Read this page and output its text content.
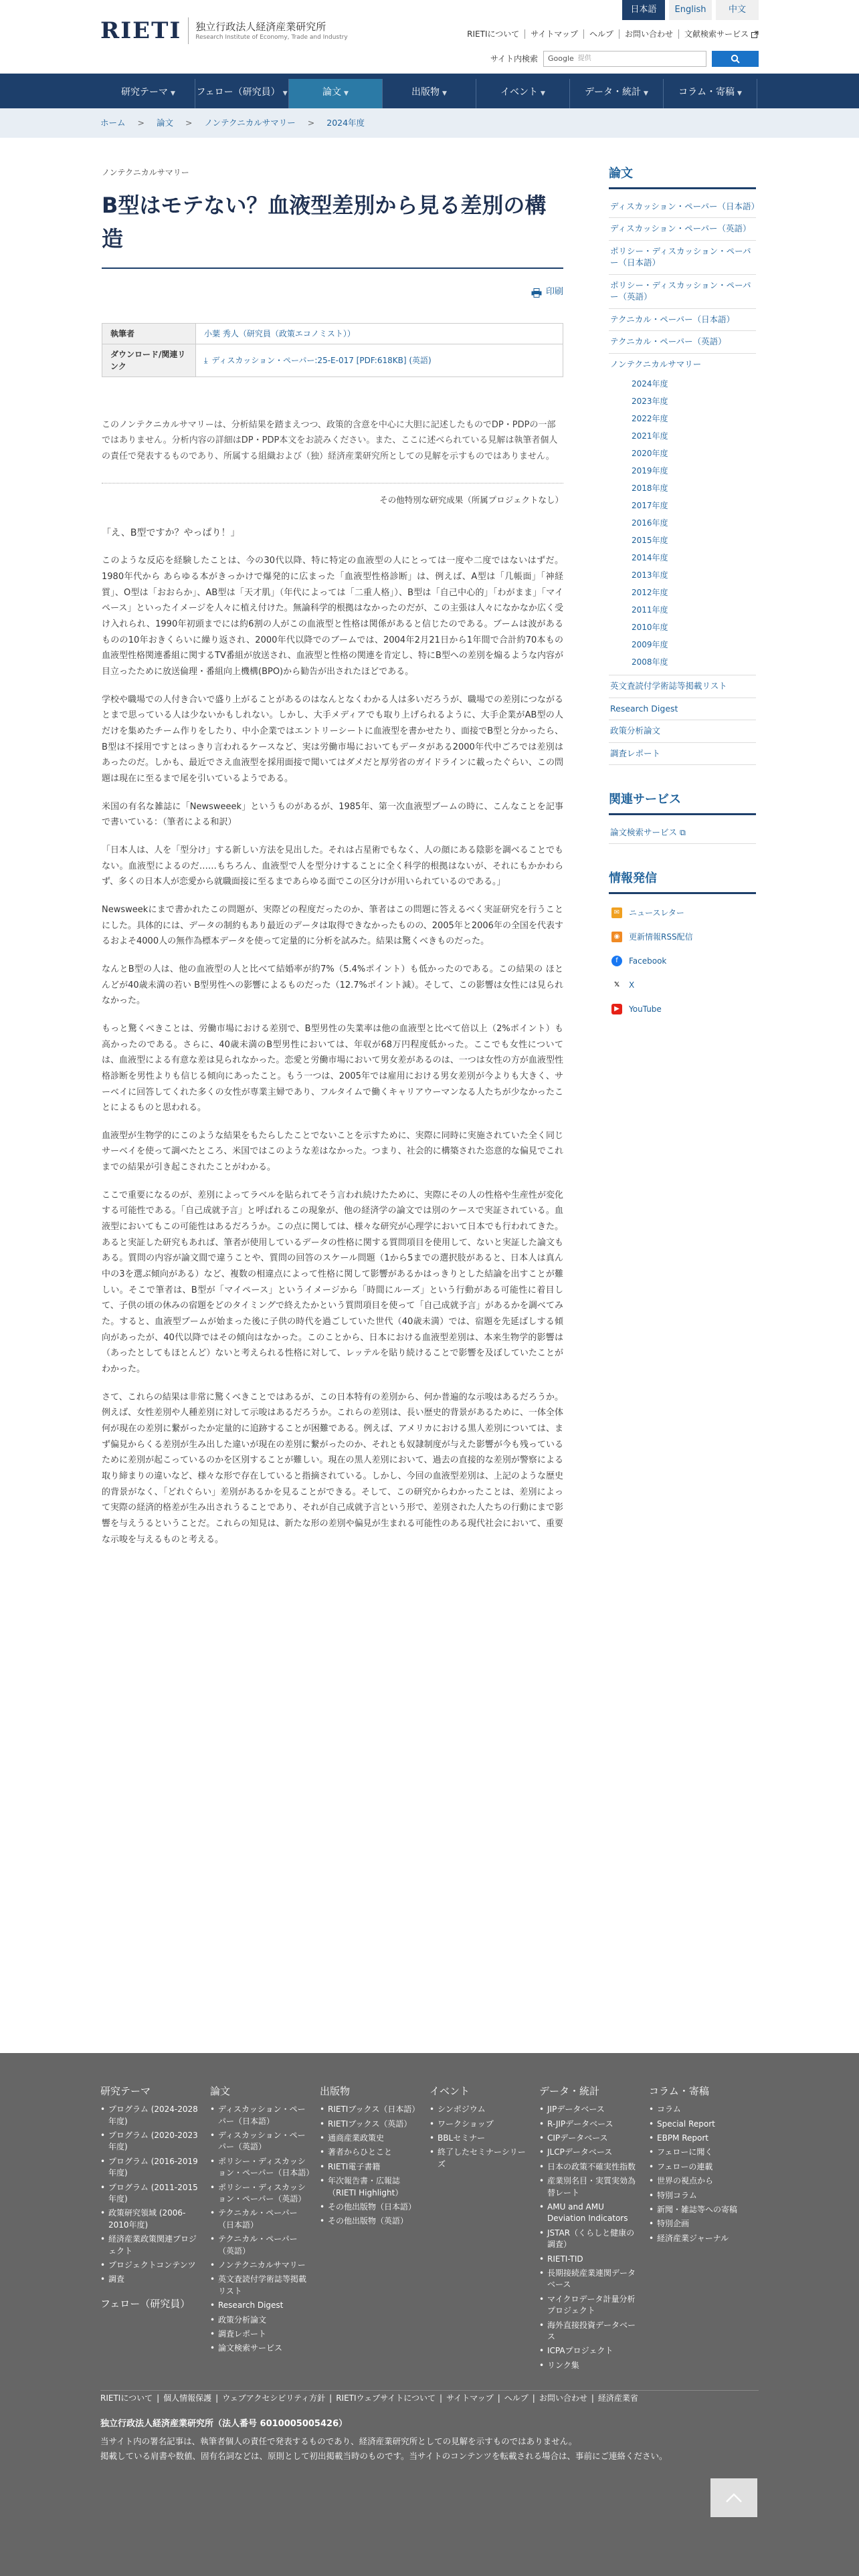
RIETI 独立行政法人経済産業研究所
Research Institute of Economy, Trade and Industry
日本語	English	中文
RIETIについて サイトマップ ヘルプ お問い合わせ 文献検索サービス
サイト内検索 Google 提供
研究テーマ ▼	フェロー（研究員） ▼	論文 ▼	出版物 ▼	イベント ▼	データ・統計 ▼	コラム・寄稿 ▼
ホーム > 論文 > ノンテクニカルサマリー > 2024年度
ノンテクニカルサマリー
B型はモテない？血液型差別から見る差別の構造
印刷
執筆者	小葉 秀人（研究員（政策エコノミスト））
ダウンロード/関連リンク	⤓ ディスカッション・ペーパー:25-E-017 [PDF:618KB] (英語)

このノンテクニカルサマリーは、分析結果を踏まえつつ、政策的含意を中心に大胆に記述したものでDP・PDPの一部ではありません。分析内容の詳細はDP・PDP本文をお読みください。また、ここに述べられている見解は執筆者個人の責任で発表するものであり、所属する組織および（独）経済産業研究所としての見解を示すものではありません。

その他特別な研究成果（所属プロジェクトなし）
「え、B型ですか？やっぱり！」

このような反応を経験したことは、今の30代以降、特に特定の血液型の人にとっては一度や二度ではないはずだ。1980年代から あらゆる本がきっかけで爆発的に広まった「血液型性格診断」は、例えば、A型は「几帳面」「神経質」、O型は「おおらか」、AB型は「天才肌」（年代によっては「二重人格」）、B型は「自己中心的」「わがまま」「マイペース」といったイメージを人々に植え付けた。無論科学的根拠はなかったのだが、この主張は人々になかなか広く受け入れられ、1990年初頭までには約6割の人がこの血液型と性格は関係があると信じたのである。ブームは波があるものの10年おきくらいに繰り返され、2000年代以降でのブームでは、2004年2月21日から1年間で合計約70本もの血液型性格関連番組に関するTV番組が放送され、血液型と性格の関連を肯定し、特にB型への差別を煽るような内容が目立ったために放送倫理・番組向上機構(BPO)から勧告が出されたほどである。

学校や職場での人付き合いで盛り上がることがあるのはなんとなくわかる人は多いだろうが、職場での差別につながるとまで思っている人は少ないかもしれない。しかし、大手メディアでも取り上げられるように、大手企業がAB型の人だけを集めたチーム作りをしたり、中小企業ではエントリーシートに血液型を書かせたり、面接でB型と分かったら、B型は不採用ですとはっきり言われるケースなど、実は労働市場においてもデータがある2000年代中ごろでは差別はあったのだ。しかも、最近でさえ血液型を採用面接で聞いてはダメだと厚労省のガイドラインに載ったぐらい、この問題は現在に至るまで尾を引いているようである。

米国の有名な雑誌に「Newsweeek」というものがあるが、1985年、第一次血液型ブームの時に、こんなことを記事で書いている：（筆者による和訳）

「日本人は、人を「型分け」する新しい方法を見出した。それは占星術でもなく、人の顔にある陰影を調べることでもない。血液型によるのだ……もちろん、血液型で人を型分けすることに全く科学的根拠はないが、それにもかかわらず、多くの日本人が恋愛から就職面接に至るまであらゆる面でこの区分けが用いられているのである。」

Newsweekにまで書かれたこの問題が、実際どの程度だったのか、筆者はこの問題に答えるべく実証研究を行うことにした。具体的には、データの制約もあり最近のデータは取得できなかったものの、2005年と2006年の全国を代表するおよそ4000人の無作為標本データを使って定量的に分析を試みた。結果は驚くべきものだった。

なんとB型の人は、他の血液型の人と比べて結婚率が約7%（5.4%ポイント）も低かったのである。この結果の ほとんどが40歳未満の若い B型男性への影響によるものだった（12.7%ポイント減）。そして、この影響は女性には見られなかった。

もっと驚くべきことは、労働市場における差別で、B型男性の失業率は他の血液型と比べて倍以上（2%ポイント）も高かったのである。さらに、40歳未満のB型男性においては、年収が68万円程度低かった。ここでも女性については、血液型による有意な差は見られなかった。恋愛と労働市場において男女差があるのは、一つは女性の方が血液型性格診断を男性よりも信じる傾向にあったこと。もう一つは、2005年では雇用における男女差別が今よりも大きく、サーベイに回答してくれた多くの女性が専業主婦であり、フルタイムで働くキャリアウーマンなる人たちが少なかったことによるものと思われる。

血液型が生物学的にこのような結果をもたらしたことでないことを示すために、実際に同時に実施されていた全く同じサーベイを使って調べたところ、米国ではこのような差はなかった。つまり、社会的に構築された恣意的な偏見でこれまでの結果が引き起こされたことがわかる。

ここで重要になるのが、差別によってラベルを貼られてそう言われ続けたために、実際にその人の性格や生産性が変化する可能性である。「自己成就予言」と呼ばれるこの現象が、他の経済学の論文では別のケースで実証されている。血液型においてもこの可能性はあるだろうか。この点に関しては、様々な研究が心理学において日本でも行われてきた。あると実証した研究もあれば、筆者が使用しているデータの性格に関する質問項目を使用して、ないと実証した論文もある。質問の内容が論文間で違うことや、質問の回答のスケール問題（1から5までの選択肢があると、日本人は真ん中の3を選ぶ傾向がある）など、複数の相違点によって性格に関して影響があるかはっきりとした結論を出すことが難しい。そこで筆者は、B型が「マイペース」というイメージから「時間にルーズ」という行動がある可能性に着目して、子供の頃の休みの宿題をどのタイミングで終えたかという質問項目を使って「自己成就予言」があるかを調べてみた。すると、血液型ブームが始まった後に子供の時代を過ごしていた世代（40歳未満）では、宿題を先延ばしする傾向があったが、40代以降ではその傾向はなかった。このことから、日本における血液型差別は、本来生物学的影響は（あったとしてもほとんど）ないと考えられる性格に対して、レッテルを貼り続けることで影響を及ぼしていたことがわかった。

さて、これらの結果は非常に驚くべきことではあるが、この日本特有の差別から、何か普遍的な示唆はあるだろうか。例えば、女性差別や人種差別に対して示唆はあるだろうか。これらの差別は、長い歴史的背景があるために、一体全体何が現在の差別に繋がったか定量的に追跡することが困難である。例えば、アメリカにおける黒人差別については、まず偏見からくる差別が生み出した違いが現在の差別に繋がったのか、それとも奴隷制度が与えた影響が今も残っているために差別が起こっているのかを区別することが難しい。現在の黒人差別において、過去の直接的な差別が警察による取り締まりの違いなど、様々な形で存在していると指摘されている。しかし、今回の血液型差別は、上記のような歴史的背景がなく、「どれぐらい」差別があるかを見ることができる。そして、この研究からわかったことは、差別によって実際の経済的格差が生み出されうることであり、それが自己成就予言という形で、差別された人たちの行動にまで影響を与えうるということだ。これらの知見は、新たな形の差別や偏見が生まれる可能性のある現代社会において、重要な示唆を与えるものと考える。

論文
ディスカッション・ペーパー（日本語）
ディスカッション・ペーパー（英語）
ポリシー・ディスカッション・ペーパー（日本語）
ポリシー・ディスカッション・ペーパー（英語）
テクニカル・ペーパー（日本語）
テクニカル・ペーパー（英語）
ノンテクニカルサマリー
2024年度
2023年度
2022年度
2021年度
2020年度
2019年度
2018年度
2017年度
2016年度
2015年度
2014年度
2013年度
2012年度
2011年度
2010年度
2009年度
2008年度
英文査読付学術誌等掲載リスト
Research Digest
政策分析論文
調査レポート
関連サービス
論文検索サービス ⧉
情報発信
✉	ニュースレター
◉	更新情報RSS配信
f	Facebook
𝕏	X
▶	YouTube
研究テーマ
• プログラム (2024-2028年度)
• プログラム (2020-2023年度)
• プログラム (2016-2019年度)
• プログラム (2011-2015年度)
• 政策研究領域 (2006-2010年度)
• 経済産業政策関連プロジェクト
• プロジェクトコンテンツ
• 調査
フェロー（研究員）
論文
• ディスカッション・ペーパー（日本語）
• ディスカッション・ペーパー（英語）
• ポリシー・ディスカッション・ペーパー（日本語）
• ポリシー・ディスカッション・ペーパー（英語）
• テクニカル・ペーパー（日本語）
• テクニカル・ペーパー（英語）
• ノンテクニカルサマリー
• 英文査読付学術誌等掲載リスト
• Research Digest
• 政策分析論文
• 調査レポート
• 論文検索サービス
出版物
• RIETIブックス（日本語）
• RIETIブックス（英語）
• 通商産業政策史
• 著者からひとこと
• RIETI電子書籍
• 年次報告書・広報誌（RIETI Highlight）
• その他出版物（日本語）
• その他出版物（英語）
イベント
• シンポジウム
• ワークショップ
• BBLセミナー
• 終了したセミナーシリーズ
データ・統計
• JIPデータベース
• R-JIPデータベース
• CIPデータベース
• JLCPデータベース
• 日本の政策不確実性指数
• 産業別名目・実質実効為替レート
• AMU and AMU Deviation Indicators
• JSTAR（くらしと健康の調査）
• RIETI-TID
• 長期接続産業連関データベース
• マイクロデータ計量分析プロジェクト
• 海外直接投資データベース
• ICPAプロジェクト
• リンク集
コラム・寄稿
• コラム
• Special Report
• EBPM Report
• フェローに聞く
• フェローの連載
• 世界の視点から
• 特別コラム
• 新聞・雑誌等への寄稿
• 特別企画
• 経済産業ジャーナル
RIETIについて | 個人情報保護 | ウェブアクセシビリティ方針 | RIETIウェブサイトについて | サイトマップ | ヘルプ | お問い合わせ | 経済産業省
独立行政法人経済産業研究所（法人番号 6010005005426）
当サイト内の署名記事は、執筆者個人の責任で発表するものであり、経済産業研究所としての見解を示すものではありません。
掲載している肩書や数値、固有名詞などは、原則として初出掲載当時のものです。当サイトのコンテンツを転載される場合は、事前にご連絡ください。
